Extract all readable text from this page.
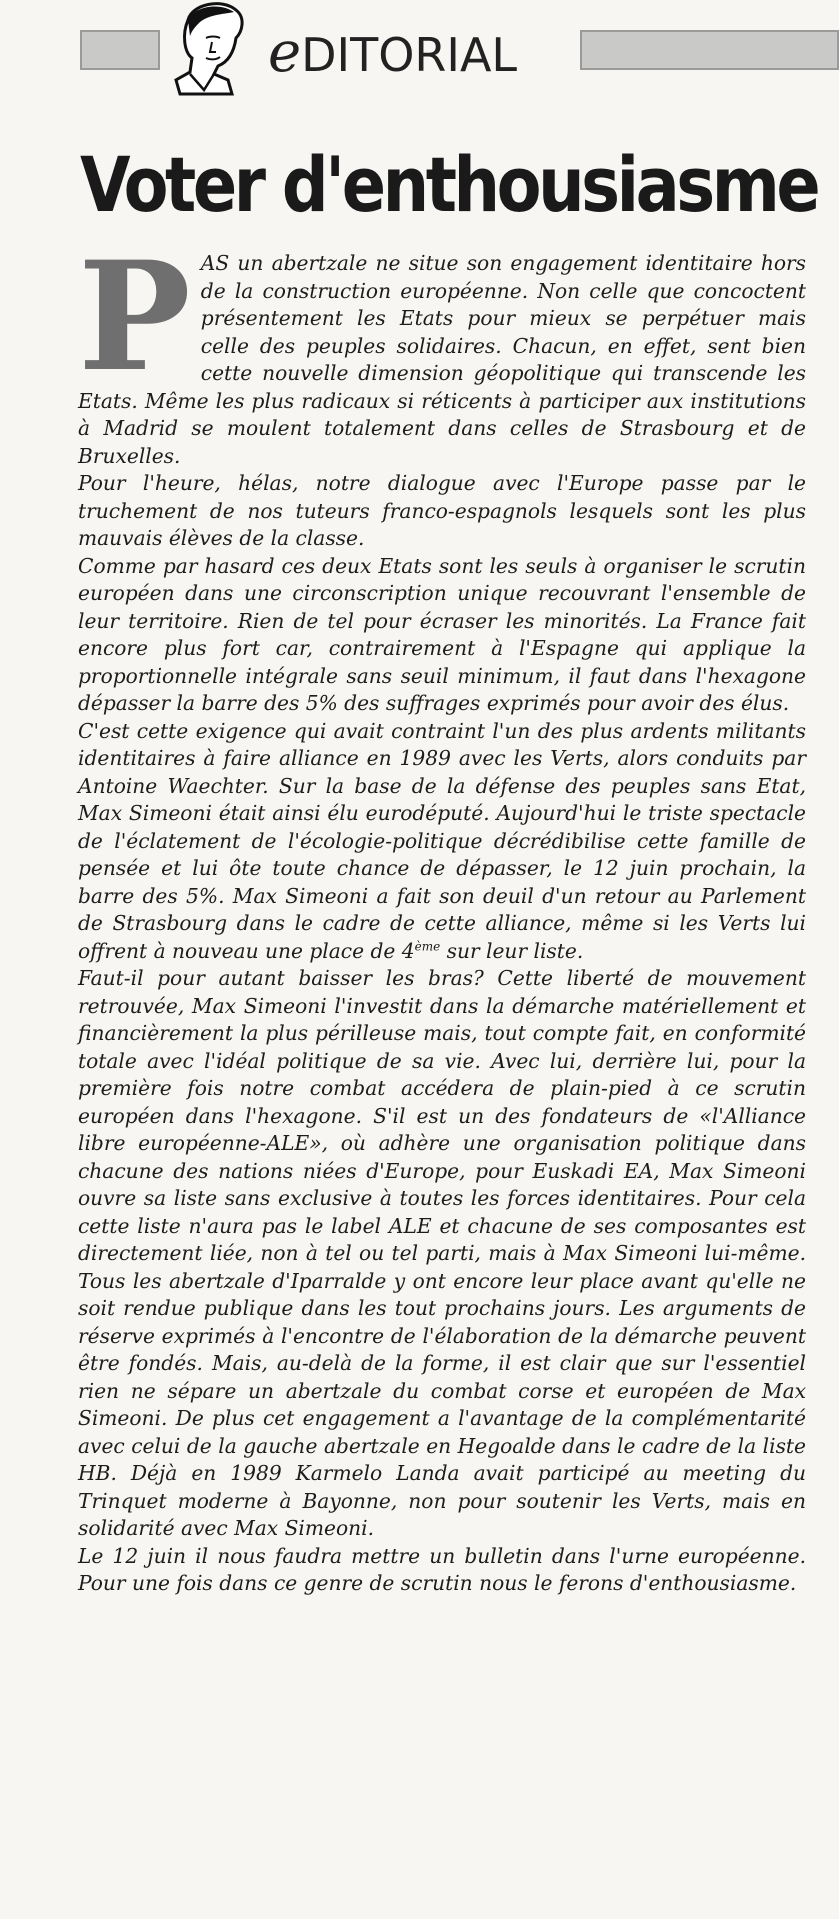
eDITORIAL
Voter d'enthousiasme

PAS un abertzale ne situe son engagement identitaire hors de la construction européenne. Non celle que concoctent présentement les Etats pour mieux se perpétuer mais celle des peuples solidaires. Chacun, en effet, sent bien cette nouvelle dimension géopolitique qui transcende les Etats. Même les plus radicaux si réticents à participer aux institutions à Madrid se moulent totalement dans celles de Strasbourg et de Bruxelles.

Pour l'heure, hélas, notre dialogue avec l'Europe passe par le truchement de nos tuteurs franco-espagnols lesquels sont les plus mauvais élèves de la classe.

Comme par hasard ces deux Etats sont les seuls à organiser le scrutin européen dans une circonscription unique recouvrant l'ensemble de leur territoire. Rien de tel pour écraser les minorités. La France fait encore plus fort car, contrairement à l'Espagne qui applique la proportionnelle intégrale sans seuil minimum, il faut dans l'hexagone dépasser la barre des 5% des suffrages exprimés pour avoir des élus.

C'est cette exigence qui avait contraint l'un des plus ardents militants identitaires à faire alliance en 1989 avec les Verts, alors conduits par Antoine Waechter. Sur la base de la défense des peuples sans Etat, Max Simeoni était ainsi élu eurodéputé. Aujourd'hui le triste spectacle de l'éclatement de l'écologie-politique décrédibilise cette famille de pensée et lui ôte toute chance de dépasser, le 12 juin prochain, la barre des 5%. Max Simeoni a fait son deuil d'un retour au Parlement de Strasbourg dans le cadre de cette alliance, même si les Verts lui offrent à nouveau une place de 4ème sur leur liste.

Faut-il pour autant baisser les bras? Cette liberté de mouvement retrouvée, Max Simeoni l'investit dans la démarche matériellement et financièrement la plus périlleuse mais, tout compte fait, en conformité totale avec l'idéal politique de sa vie. Avec lui, derrière lui, pour la première fois notre combat accédera de plain-pied à ce scrutin européen dans l'hexagone. S'il est un des fondateurs de «l'Alliance libre européenne-ALE», où adhère une organisation politique dans chacune des nations niées d'Europe, pour Euskadi EA, Max Simeoni ouvre sa liste sans exclusive à toutes les forces identitaires. Pour cela cette liste n'aura pas le label ALE et chacune de ses composantes est directement liée, non à tel ou tel parti, mais à Max Simeoni lui-même. Tous les abertzale d'Iparralde y ont encore leur place avant qu'elle ne soit rendue publique dans les tout prochains jours. Les arguments de réserve exprimés à l'encontre de l'élaboration de la démarche peuvent être fondés. Mais, au-delà de la forme, il est clair que sur l'essentiel rien ne sépare un abertzale du combat corse et européen de Max Simeoni. De plus cet engagement a l'avantage de la complémentarité avec celui de la gauche abertzale en Hegoalde dans le cadre de la liste HB. Déjà en 1989 Karmelo Landa avait participé au meeting du Trinquet moderne à Bayonne, non pour soutenir les Verts, mais en solidarité avec Max Simeoni.

Le 12 juin il nous faudra mettre un bulletin dans l'urne européenne. Pour une fois dans ce genre de scrutin nous le ferons d'enthousiasme.
